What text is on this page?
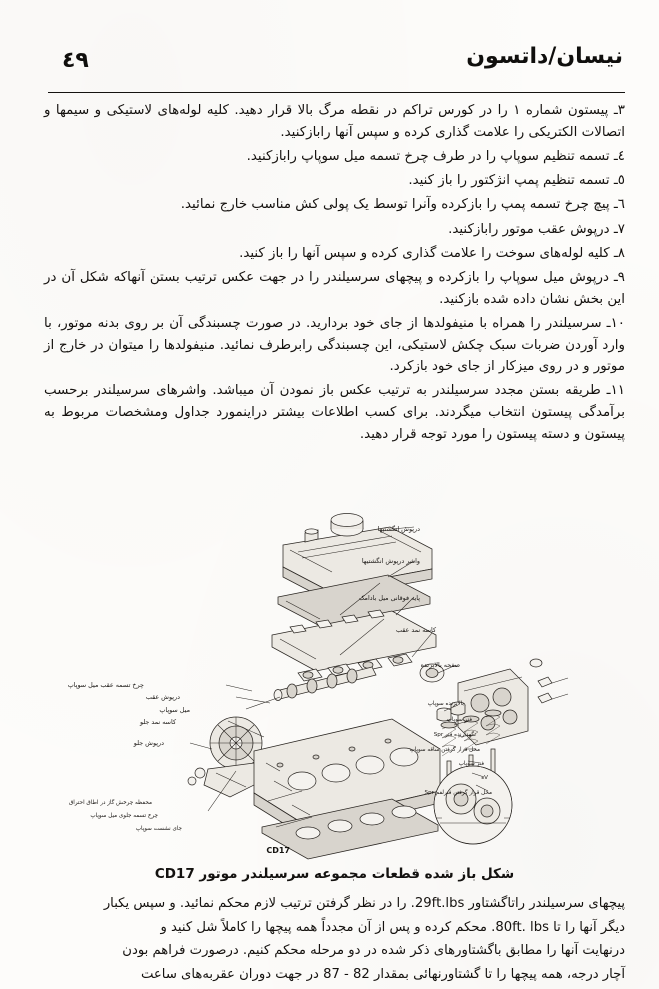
٤٩	نیسان/داتسون

٣ـ پیستون شماره ١ را در کورس تراکم در نقطه مرگ بالا قرار دهید. کلیه لوله‌های لاستیکی و سیمها و اتصالات الکتریکی را علامت گذاری کرده و سپس آنها رابازکنید.

٤ـ تسمه تنظیم سوپاپ را در طرف چرخ تسمه میل سوپاپ رابازکنید.

٥ـ تسمه تنظیم پمپ انژکتور را باز کنید.

٦ـ پیچ چرخ تسمه پمپ را بازکرده وآنرا توسط یک پولی کش مناسب خارج نمائید.

٧ـ درپوش عقب موتور رابازکنید.

٨ـ کلیه لوله‌های سوخت را علامت گذاری کرده و سپس آنها را باز کنید.

٩ـ درپوش میل سوپاپ را بازکرده و پیچهای سرسیلندر را در جهت عکس ترتیب بستن آنهاکه شکل آن در این بخش نشان داده شده بازکنید.

١٠ـ سرسیلندر را همراه با منیفولدها از جای خود بردارید. در صورت چسبندگی آن بر روی بدنه موتور، با وارد آوردن ضربات سبک چکش لاستیکی، این چسبندگی رابرطرف نمائید. منیفولدها را میتوان در خارج از موتور و در روی میزکار از جای خود بازکرد.

١١ـ طریقه بستن مجدد سرسیلندر به ترتیب عکس باز نمودن آن میباشد. واشرهای سرسیلندر برحسب برآمدگی پیستون انتخاب میگردند. برای کسب اطلاعات بیشتر دراینمورد جداول ومشخصات مربوط به پیستون و دسته پیستون را مورد توجه قرار دهید.

درپوش انگشتیها
واشر درپوش انگشتیها
پایه فوقانی میل بادامک
کاسه نمد عقب
صفحه بالابرنده
بالابرنده سوپاپ
فنر سوپاپ
نگهدارنده فنر Spr
محل قرار گرفتن ساقه سوپاپ
فنر سوپاپ
Vه
محل قرار گرفتن فنرلفم Spr
چرخ تسمه عقب میل سوپاپ
درپوش عقب
میل سوپاپ
کاسه نمد جلو
درپوش جلو
محفظه چرخش گاز در اطاق احتراق
جای نشست سوپاپ
چرخ تسمه جلوی میل سوپاپ
CD17
شکل باز شده قطعات مجموعه سرسیلندر موتور CD17

پیچهای سرسیلندر راتاگشتاور 29ft.lbs. را در نظر گرفتن ترتیب لازم محکم نمائید. و سپس یکبار

دیگر آنها را تا 80ft. lbs. محکم کرده و پس از آن مجدداً همه پیچها را کاملاً شل کنید و

درنهایت آنها را مطابق باگشتاورهای ذکر شده در دو مرحله محکم کنیم. درصورت فراهم بودن

آچار درجه، همه پیچها را تا گشتاورنهائی بمقدار 82 - 87 در جهت دوران عقربه‌های ساعت
